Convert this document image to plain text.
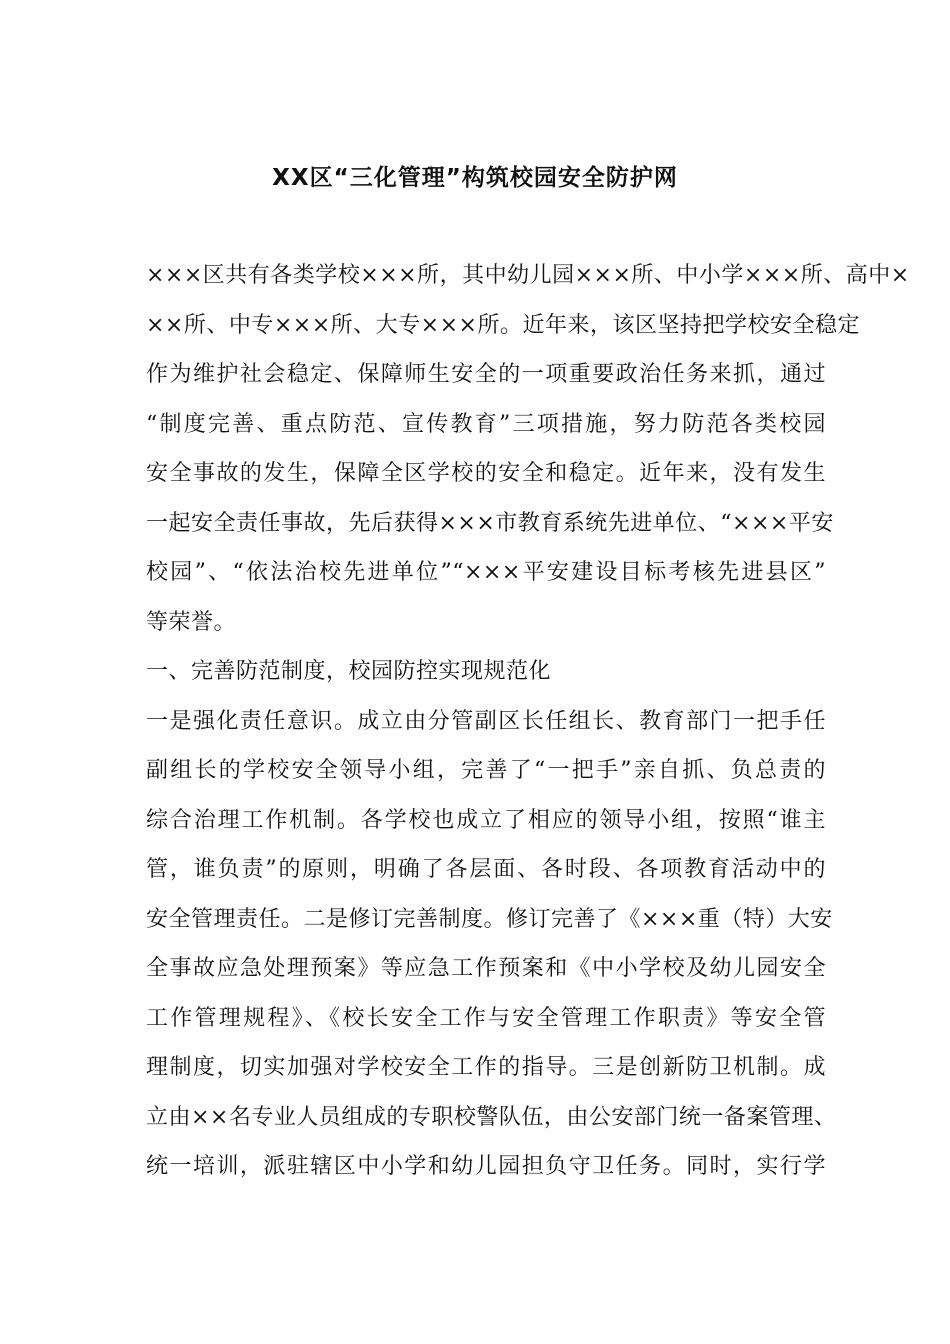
XX区“三化管理”构筑校园安全防护网
×××区共有各类学校×××所，其中幼儿园×××所、中小学×××所、高中×
××所、中专×××所、大专×××所。近年来，该区坚持把学校安全稳定
作为维护社会稳定、保障师生安全的一项重要政治任务来抓，通过
“制度完善、重点防范、宣传教育”三项措施，努力防范各类校园
安全事故的发生，保障全区学校的安全和稳定。近年来，没有发生
一起安全责任事故，先后获得×××市教育系统先进单位、“×××平安
校园”、“依法治校先进单位”“×××平安建设目标考核先进县区”
等荣誉。
一、完善防范制度，校园防控实现规范化
一是强化责任意识。成立由分管副区长任组长、教育部门一把手任
副组长的学校安全领导小组，完善了“一把手”亲自抓、负总责的
综合治理工作机制。各学校也成立了相应的领导小组，按照“谁主
管，谁负责”的原则，明确了各层面、各时段、各项教育活动中的
安全管理责任。二是修订完善制度。修订完善了《×××重（特）大安
全事故应急处理预案》等应急工作预案和《中小学校及幼儿园安全
工作管理规程》、《校长安全工作与安全管理工作职责》等安全管
理制度，切实加强对学校安全工作的指导。三是创新防卫机制。成
立由××名专业人员组成的专职校警队伍，由公安部门统一备案管理、
统一培训，派驻辖区中小学和幼儿园担负守卫任务。同时，实行学
